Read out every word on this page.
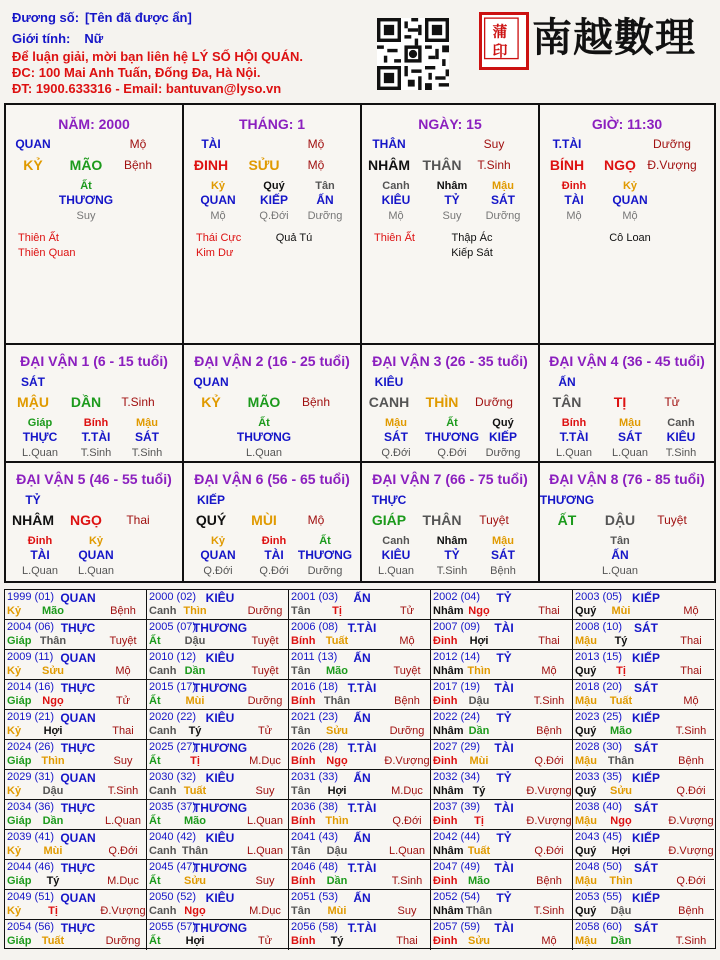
Đương số: [Tên đã được ẩn]
Giới tính: Nữ
Để luận giải, mời bạn liên hệ LÝ SỐ HỘI QUÁN.
ĐC: 100 Mai Anh Tuấn, Đống Đa, Hà Nội.
ĐT: 1900.633316 - Email: bantuvan@lyso.vn
蒲
印 南越數理
NĂM: 2000
QUAN	Mộ
KỶ MÃO Bệnh
Ất
THƯƠNG
Suy
Thiên Ất
Thiên Quan
THÁNG: 1
TÀI	Mộ
ĐINH SỬU Mộ
Kỷ
QUAN
Mộ
Quý
KIẾP
Q.Đới
Tân
ẤN
Dưỡng
Thái Cực
Kim Dư
Quả Tú
NGÀY: 15
THÂN	Suy
NHÂM THÂN T.Sinh
Canh
KIÊU
Mộ
Nhâm
TỶ
Suy
Mậu
SÁT
Dưỡng
Thiên Ất	Thập Ác
Kiếp Sát
GIỜ: 11:30
T.TÀI	Dưỡng
BÍNH NGỌ Đ.Vượng
Đinh
TÀI
Mộ
Kỷ
QUAN
Mộ
Cô Loan
ĐẠI VẬN 1 (6 - 15 tuổi)
SÁT
MẬU DẦN T.Sinh
Giáp
THỰC
L.Quan
Bính
T.TÀI
T.Sinh
Mậu
SÁT
T.Sinh
ĐẠI VẬN 2 (16 - 25 tuổi)
QUAN
KỶ MÃO Bệnh
Ất
THƯƠNG
L.Quan
ĐẠI VẬN 3 (26 - 35 tuổi)
KIÊU
CANH THÌN Dưỡng
Mậu
SÁT
Q.Đới
Ất
THƯƠNG
Q.Đới
Quý
KIẾP
Dưỡng
ĐẠI VẬN 4 (36 - 45 tuổi)
ẤN
TÂN TỊ	Tử
Bính
T.TÀI
L.Quan
Mậu
SÁT
L.Quan
Canh
KIÊU
T.Sinh
ĐẠI VẬN 5 (46 - 55 tuổi)
TỶ
NHÂM NGỌ Thai
Đinh
TÀI
L.Quan
Kỷ
QUAN
L.Quan
ĐẠI VẬN 6 (56 - 65 tuổi)
KIẾP
QUÝ MÙI	Mộ
Kỷ
QUAN
Q.Đới
Đinh
TÀI
Q.Đới
Ất
THƯƠNG
Dưỡng
ĐẠI VẬN 7 (66 - 75 tuổi)
THỰC
GIÁP THÂN Tuyệt
Canh
KIÊU
L.Quan
Nhâm
TỶ
T.Sinh
Mậu
SÁT
Bệnh
ĐẠI VẬN 8 (76 - 85 tuổi)
THƯƠNG
ẤT DẬU Tuyệt
Tân
ẤN
L.Quan
1999 (01) QUAN
Kỷ Mão	Bệnh
2000 (02) KIÊU
Canh Thìn	Dưỡng
2001 (03) ẤN
Tân Tị	Tử
2002 (04) TỶ
Nhâm Ngọ	Thai
2003 (05) KIẾP
Quý Mùi	Mộ
2004 (06) THỰC
Giáp Thân	Tuyệt
2005 (07)
THƯƠNG
Ất Dậu	Tuyệt
2006 (08) T.TÀI
Bính Tuất	Mộ
2007 (09) TÀI
Đinh Hợi	Thai
2008 (10) SÁT
Mậu Tý	Thai
2009 (11) QUAN
Kỷ Sửu	Mộ
2010 (12) KIÊU
Canh Dần	Tuyệt
2011 (13) ẤN
Tân Mão	Tuyệt
2012 (14) TỶ
Nhâm Thìn	Mộ
2013 (15) KIẾP
Quý Tị	Thai
2014 (16) THỰC
Giáp Ngọ	Tử
2015 (17)
THƯƠNG
Ất Mùi	Dưỡng
2016 (18) T.TÀI
Bính Thân	Bệnh
2017 (19) TÀI
Đinh Dậu	T.Sinh
2018 (20) SÁT
Mậu Tuất	Mộ
2019 (21) QUAN
Kỷ Hợi	Thai
2020 (22) KIÊU
Canh Tý	Tử
2021 (23) ẤN
Tân Sửu	Dưỡng
2022 (24) TỶ
Nhâm Dần	Bệnh
2023 (25) KIẾP
Quý Mão	T.Sinh
2024 (26) THỰC
Giáp Thìn	Suy
2025 (27)
THƯƠNG
Ất	Tị	M.Dục
2026 (28) T.TÀI
Bính Ngọ	Đ.Vượng
2027 (29) TÀI
Đinh Mùi	Q.Đới
2028 (30) SÁT
Mậu Thân	Bệnh
2029 (31) QUAN
Kỷ Dậu	T.Sinh
2030 (32) KIÊU
Canh Tuất	Suy
2031 (33) ẤN
Tân Hợi	M.Dục
2032 (34) TỶ
Nhâm Tý	Đ.Vượng
2033 (35) KIẾP
Quý Sửu	Q.Đới
2034 (36) THỰC
Giáp Dần	L.Quan
2035 (37)
THƯƠNG
Ất Mão	L.Quan
2036 (38) T.TÀI
Bính Thìn	Q.Đới
2037 (39) TÀI
Đinh Tị	Đ.Vượng
2038 (40) SÁT
Mậu Ngọ	Đ.Vượng
2039 (41) QUAN
Kỷ Mùi	Q.Đới
2040 (42) KIÊU
Canh Thân	L.Quan
2041 (43) ẤN
Tân Dậu	L.Quan
2042 (44) TỶ
Nhâm Tuất	Q.Đới
2043 (45) KIẾP
Quý Hợi	Đ.Vượng
2044 (46) THỰC
Giáp Tý	M.Dục
2045 (47)
THƯƠNG
Ất Sửu	Suy
2046 (48) T.TÀI
Bính Dần	T.Sinh
2047 (49) TÀI
Đinh Mão	Bệnh
2048 (50) SÁT
Mậu Thìn	Q.Đới
2049 (51) QUAN
Kỷ Tị	Đ.Vượng
2050 (52) KIÊU
Canh Ngọ	M.Dục
2051 (53) ẤN
Tân Mùi	Suy
2052 (54) TỶ
Nhâm Thân	T.Sinh
2053 (55) KIẾP
Quý Dậu	Bệnh
2054 (56) THỰC
Giáp Tuất	Dưỡng
2055 (57)
THƯƠNG
Ất Hợi	Tử
2056 (58) T.TÀI
Bính Tý	Thai
2057 (59) TÀI
Đinh Sửu	Mộ
2058 (60) SÁT
Mậu Dần	T.Sinh
